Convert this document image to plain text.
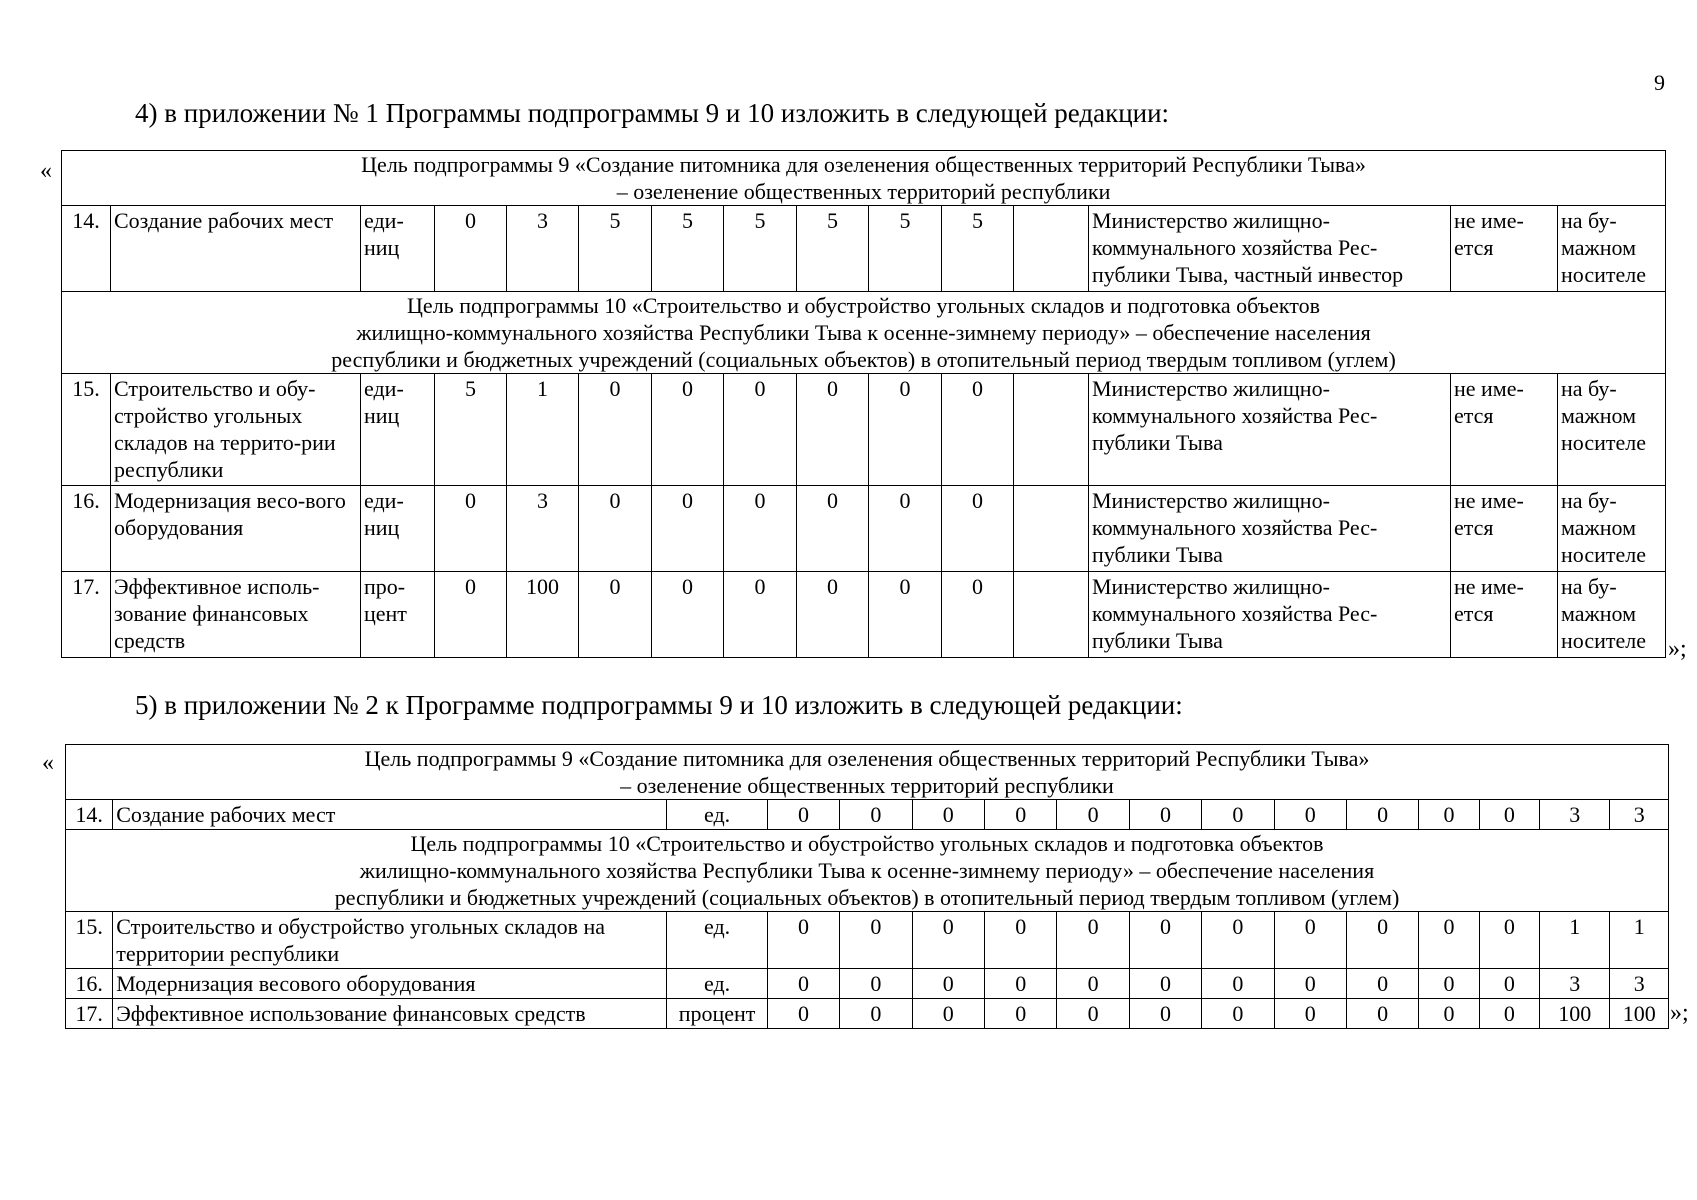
9
4) в приложении № 1 Программы подпрограммы 9 и 10 изложить в следующей редакции:
«	Цель подпрограммы 9 «Создание питомника для озеленения общественных территорий Республики Тыва»
– озеленение общественных территорий республики														

14.	Создание рабочих мест	еди-ниц	0	3	5	5	5	5	5	5		Министерство жилищно-коммунального хозяйства Рес-публики Тыва, частный инвестор	не име-ется	на бу-мажном носителе

Цель подпрограммы 10 «Строительство и обустройство угольных складов и подготовка объектов
жилищно-коммунального хозяйства Республики Тыва к осенне-зимнему периоду» – обеспечение населения
республики и бюджетных учреждений (социальных объектов) в отопительный период твердым топливом (углем)														

15.	Строительство и обу-стройство угольных складов на террито-рии республики	еди-ниц	5	1	0	0	0	0	0	0		Министерство жилищно-коммунального хозяйства Рес-публики Тыва	не име-ется	на бу-мажном носителе
16.	Модернизация весо-вого оборудования	еди-ниц	0	3	0	0	0	0	0	0		Министерство жилищно-коммунального хозяйства Рес-публики Тыва	не име-ется	на бу-мажном носителе
17.	Эффективное исполь-зование финансовых средств	про-цент	0	100	0	0	0	0	0	0		Министерство жилищно-коммунального хозяйства Рес-публики Тыва	не име-ется	на бу-мажном носителе »;
5) в приложении № 2 к Программе подпрограммы 9 и 10 изложить в следующей редакции:
«	Цель подпрограммы 9 «Создание питомника для озеленения общественных территорий Республики Тыва»
– озеленение общественных территорий республики															

14.	Создание рабочих мест	ед.	0	0	0	0	0	0	0	0	0	0	0	3	3

Цель подпрограммы 10 «Строительство и обустройство угольных складов и подготовка объектов
жилищно-коммунального хозяйства Республики Тыва к осенне-зимнему периоду» – обеспечение населения
республики и бюджетных учреждений (социальных объектов) в отопительный период твердым топливом (углем)															

15.	Строительство и обустройство угольных складов на территории республики	ед.	0	0	0	0	0	0	0	0	0	0	0	1	1
16.	Модернизация весового оборудования	ед.	0	0	0	0	0	0	0	0	0	0	0	3	3
17.	Эффективное использование финансовых средств	процент	0	0	0	0	0	0	0	0	0	0	0	100	100 »;
